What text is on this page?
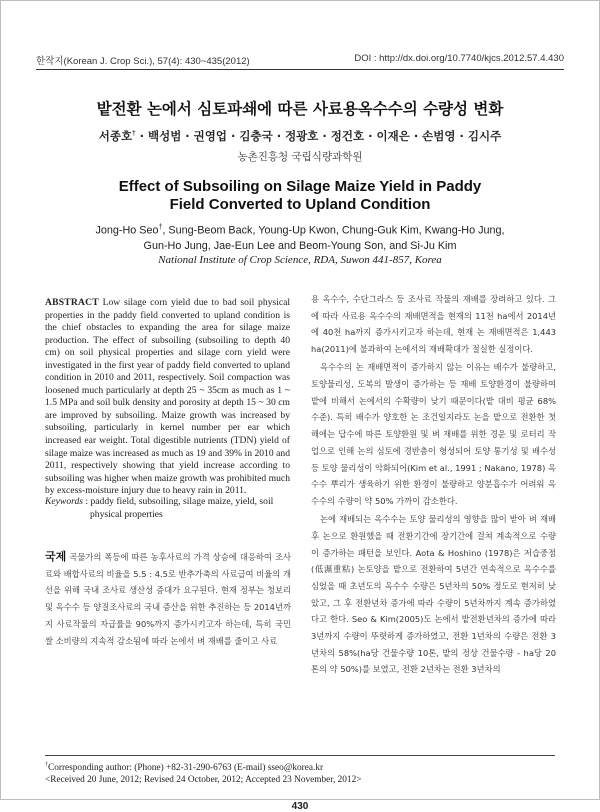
한작지(Korean J. Crop Sci.), 57(4): 430~435(2012)	DOI : http://dx.doi.org/10.7740/kjcs.2012.57.4.430
밭전환 논에서 심토파쇄에 따른 사료용옥수수의 수량성 변화
서종호† · 백성범 · 권영업 · 김충국 · 정광호 · 정건호 · 이재은 · 손범영 · 김시주
농촌진흥청 국립식량과학원
Effect of Subsoiling on Silage Maize Yield in Paddy
Field Converted to Upland Condition
Jong-Ho Seo†, Sung-Beom Back, Young-Up Kwon, Chung-Guk Kim, Kwang-Ho Jung,
Gun-Ho Jung, Jae-Eun Lee and Beom-Young Son, and Si-Ju Kim
National Institute of Crop Science, RDA, Suwon 441-857, Korea
ABSTRACT Low silage corn yield due to bad soil physical properties in the paddy field converted to upland condition is the chief obstacles to expanding the area for silage maize production. The effect of subsoiling (subsoiling to depth 40 cm) on soil physical properties and silage corn yield were investigated in the first year of paddy field converted to upland condition in 2010 and 2011, respectively. Soil compaction was loosened much particularly at depth 25 ~ 35cm as much as 1 ~ 1.5 MPa and soil bulk density and porosity at depth 15 ~ 30 cm are improved by subsoiling. Maize growth was increased by subsoiling, particularly in kernel number per ear which increased ear weight. Total digestible nutrients (TDN) yield of silage maize was increased as much as 19 and 39% in 2010 and 2011, respectively showing that yield increase according to subsoiling was higher when maize growth was prohibited much by excess-moisture injury due to heavy rain in 2011.
Keywords : paddy field, subsoiling, silage maize, yield, soil
physical properties
국제 곡물가의 폭등에 따른 농후사료의 가격 상승에 대응하여 조사료와 배합사료의 비율을 5.5 : 4.5로 반추가축의 사료급여 비율의 개선을 위해 국내 조사료 생산성 증대가 요구된다. 현재 정부는 청보리 및 옥수수 등 양질조사료의 국내 증산을 위한 추진하는 등 2014년까지 사료작물의 자급률을 90%까지 증가시키고자 하는데, 특히 국민 쌀 소비량의 지속적 감소됨에 따라 논에서 벼 재배를 줄이고 사료

용 옥수수, 수단그라스 등 조사료 작물의 재배를 장려하고 있다. 그에 따라 사료용 옥수수의 재배면적을 현재의 11천 ha에서 2014년에 40천 ha까지 증가시키고자 하는데, 현재 논 재배면적은 1,443 ha(2011)에 불과하여 논에서의 재배확대가 절실한 실정이다.

옥수수의 논 재배면적이 증가하지 않는 이유는 배수가 불량하고, 토양물리성, 도복의 발생이 증가하는 등 재배 토양환경이 불량하여 밭에 비해서 논에서의 수확량이 낮기 때문이다(밭 대비 평균 68% 수준). 특히 배수가 양호한 논 조건일지라도 논을 밭으로 전환한 첫 해에는 답수에 따른 토양환원 및 벼 재배를 위한 경운 및 로터리 작업으로 인해 논의 심토에 경반층이 형성되어 토양 통기성 및 배수성 등 토양 물리성이 악화되어(Kim et al., 1991 ; Nakano, 1978) 옥수수 뿌리가 생육하기 위한 환경이 불량하고 양분흡수가 어려워 옥수수의 수량이 약 50% 가까이 감소한다.

논에 재배되는 옥수수는 토양 물리성의 영향을 많이 받아 벼 재배 후 논으로 환원했을 때 전환기간에 장기간에 걸쳐 계속적으로 수량이 증가하는 패턴을 보인다. Aota & Hoshino (1978)은 저습중점(低濕重粘) 논토양을 밭으로 전환하여 5년간 연속적으로 옥수수를 심었을 때 초년도의 옥수수 수량은 5년차의 50% 정도로 현저히 낮았고, 그 후 전환년차 증가에 따라 수량이 5년차까지 계속 증가하였다고 한다. Seo & Kim(2005)도 논에서 밭전환년차의 증가에 따라 3년까지 수량이 뚜렷하게 증가하였고, 전환 1년차의 수량은 전환 3년차의 58%(ha당 건물수량 10톤, 밭의 정상 건물수량 - ha당 20톤의 약 50%)를 보였고, 전환 2년차는 전환 3년차의

†Corresponding author: (Phone) +82-31-290-6763 (E-mail) sseo@korea.kr
<Received 20 June, 2012; Revised 24 October, 2012; Accepted 23 November, 2012>
430
